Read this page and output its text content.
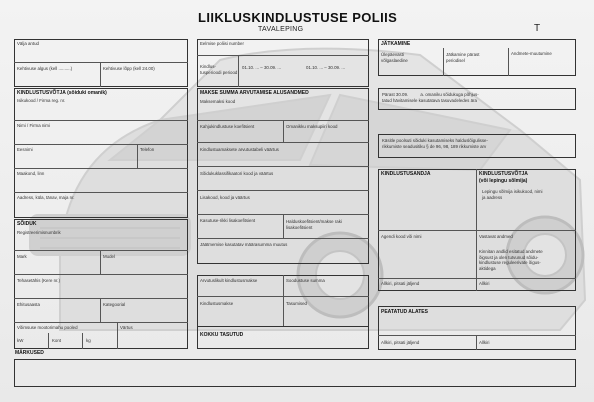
LIIKLUSKINDLUSTUSE POLIIS
TAVALEPING	T
Välja antud
Kehtivuse algus (kell ..........)	Kehtivuse lõpp (kell 24.00)
Eelmise poliisi number
Kindlus-
tusperioodi periood
01.10. ... – 30.09. ...	01.10. ... – 30.09. ...
JÄTKAMINE
Ülepäevasti
võlgaslaedine
Jätkamine pärast
periodisel
Andmete-muutumine
KINDLUSTUSVÕTJA (sõiduki omanik)
Isikukood / Firma reg. nr.
Nimi / Firma nimi
Eesnimi	Telefon
Maakond, linn
Aadress, küla, tänav, maja nr.
MAKSE SUMMA ARVUTAMISE ALUSANDMED
Maksemaksi kood
Kahjukindlustuse koefitsient	Omanikku maksupiiri kood
Kindlustuamaksete arvutustabeli väärtus
Sõidukuklassifikaatori kood ja väärtus
Lisakood, kood ja väärtus
Kasutuse-rikki lisakoefitsient	Halduskoefitsient/makse raki lisakoefitsient
Jäätmemise kasutatav määrasumma muutus
Arvutuslikult kindlustusmakse	Soodustuse summa
Kindlustusmakse	Tasumised
KOKKU TASUTUD
Pärast 30.09.          a. omaniku sõidukuga põhjus-
tatud hävitamisele kasutatava tasuvadeledes ära
Käsitle poolsuti sõiduki kasutamiseks halduslõigulisse-
rikkumiste seadusitiku § de 96, 98, 189 rikkumiste arv
SÕIDUK
Registreerimisnumbrik
Mark	Mudel
Tehasetähis (Kere nr.)
Ehitusaasta	Kategoorial
Võimsuse mootorimahu pooled	Värtus
kW	Kont	kg
KINDLUSTUSANDJA
Agendi kood või nimi
Allkiri, pitsati jäljend
KINDLUSTUSVÕTJA
(või lepingu sõlmija)
Lepingu sõlmija isikukood, nimi
ja aadress
Vastavat andmed
Kinnitan andlid esitatud andmete
õigsust ja olen tutvunud sõidu-
kindlustuse reguleerivate õigus-
aktidega
Allkiri
PEATATUD ALATES
Allkiri, pitsati jäljend	Allkiri
MÄRKUSED
